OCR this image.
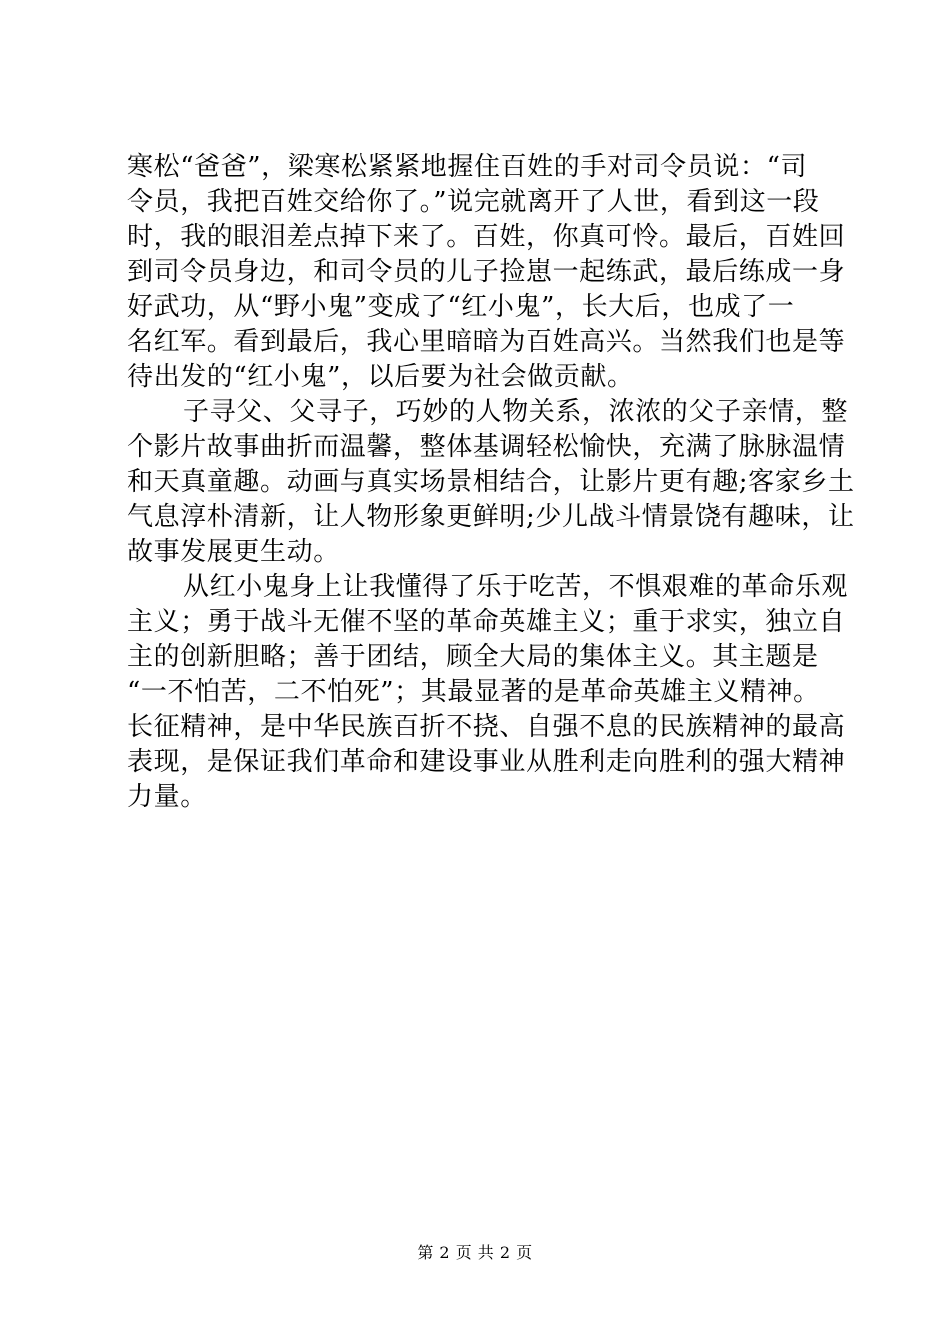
寒松“爸爸”，梁寒松紧紧地握住百姓的手对司令员说：“司
令员，我把百姓交给你了。”说完就离开了人世，看到这一段
时，我的眼泪差点掉下来了。百姓，你真可怜。最后，百姓回
到司令员身边，和司令员的儿子捡崽一起练武，最后练成一身
好武功，从“野小鬼”变成了“红小鬼”，长大后，也成了一
名红军。看到最后，我心里暗暗为百姓高兴。当然我们也是等
待出发的“红小鬼”，以后要为社会做贡献。
子寻父、父寻子，巧妙的人物关系，浓浓的父子亲情，整
个影片故事曲折而温馨，整体基调轻松愉快，充满了脉脉温情
和天真童趣。动画与真实场景相结合，让影片更有趣;客家乡土
气息淳朴清新，让人物形象更鲜明;少儿战斗情景饶有趣味，让
故事发展更生动。
从红小鬼身上让我懂得了乐于吃苦，不惧艰难的革命乐观
主义；勇于战斗无催不坚的革命英雄主义；重于求实，独立自
主的创新胆略；善于团结，顾全大局的集体主义。其主题是
“一不怕苦，二不怕死”；其最显著的是革命英雄主义精神。
长征精神，是中华民族百折不挠、自强不息的民族精神的最高
表现，是保证我们革命和建设事业从胜利走向胜利的强大精神
力量。
第 2 页 共 2 页
